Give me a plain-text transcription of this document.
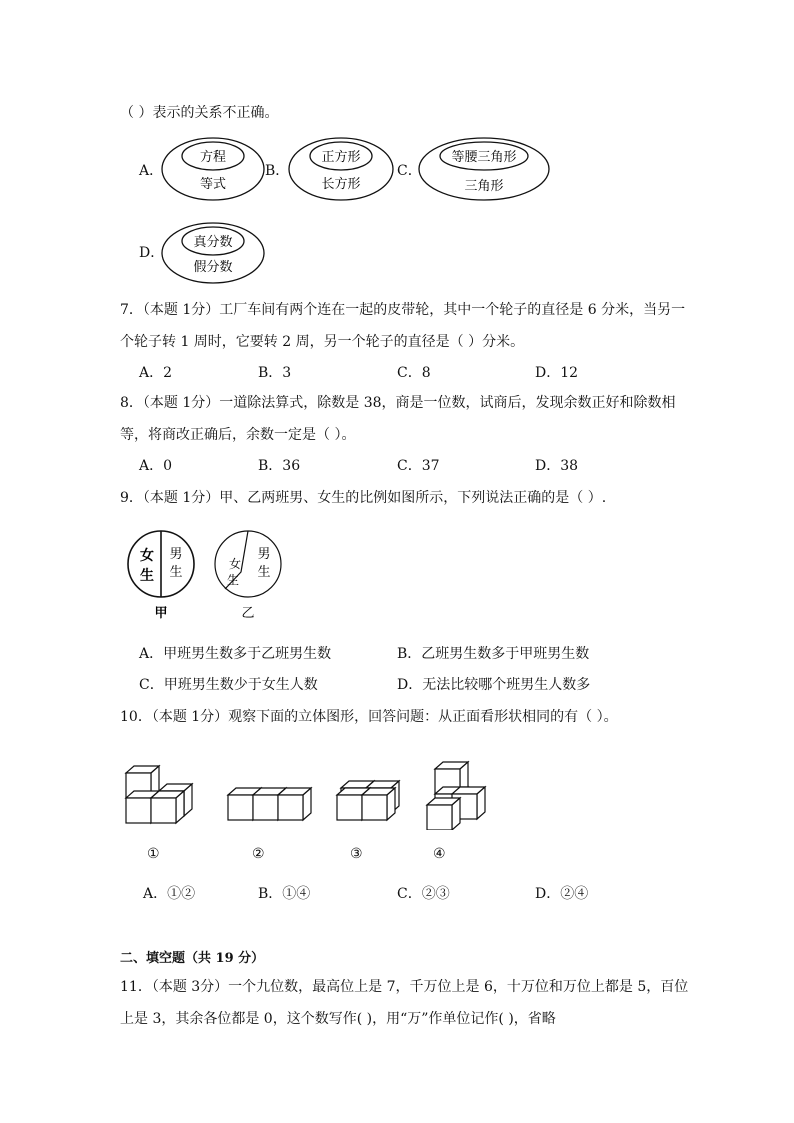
（ ）表示的关系不正确。
A．
方程
等式
B．
正方形
长方形
C．
等腰三角形
三角形
D．
真分数
假分数
7．（本题 1分）工厂车间有两个连在一起的皮带轮，其中一个轮子的直径是 6 分米，当另一
个轮子转 1 周时，它要转 2 周，另一个轮子的直径是（ ）分米。
A．2	B．3	C．8	D．12
8．（本题 1分）一道除法算式，除数是 38，商是一位数，试商后，发现余数正好和除数相
等，将商改正确后，余数一定是（ ）。
A．0	B．36	C．37	D．38
9．（本题 1分）甲、乙两班男、女生的比例如图所示，下列说法正确的是（ ）.
女
生
男
生
甲
女
生
男
生
乙
A．甲班男生数多于乙班男生数	B．乙班男生数多于甲班男生数
C．甲班男生数少于女生人数	D．无法比较哪个班男生人数多
10．（本题 1分）观察下面的立体图形，回答问题：从正面看形状相同的有（ ）。
①	②	③	④
A．①②	B．①④	C．②③	D．②④
二、填空题（共 19 分）
11．（本题 3分）一个九位数，最高位上是 7，千万位上是 6，十万位和万位上都是 5，百位
上是 3，其余各位都是 0，这个数写作( )，用“万”作单位记作( )，省略
